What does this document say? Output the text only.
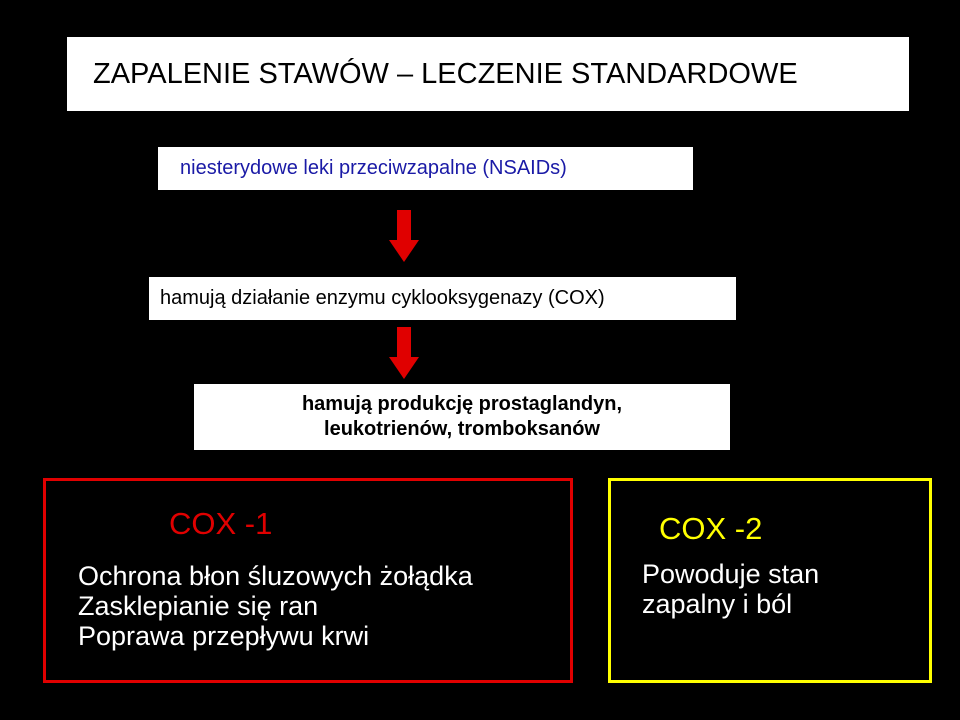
ZAPALENIE STAWÓW – LECZENIE STANDARDOWE
niesterydowe leki przeciwzapalne (NSAIDs)
hamują działanie enzymu cyklooksygenazy (COX)
hamują produkcję prostaglandyn,
leukotrienów, tromboksanów
COX -1
Ochrona błon śluzowych żołądka
Zasklepianie się ran
Poprawa przepływu krwi
COX -2
Powoduje stan
zapalny i ból
